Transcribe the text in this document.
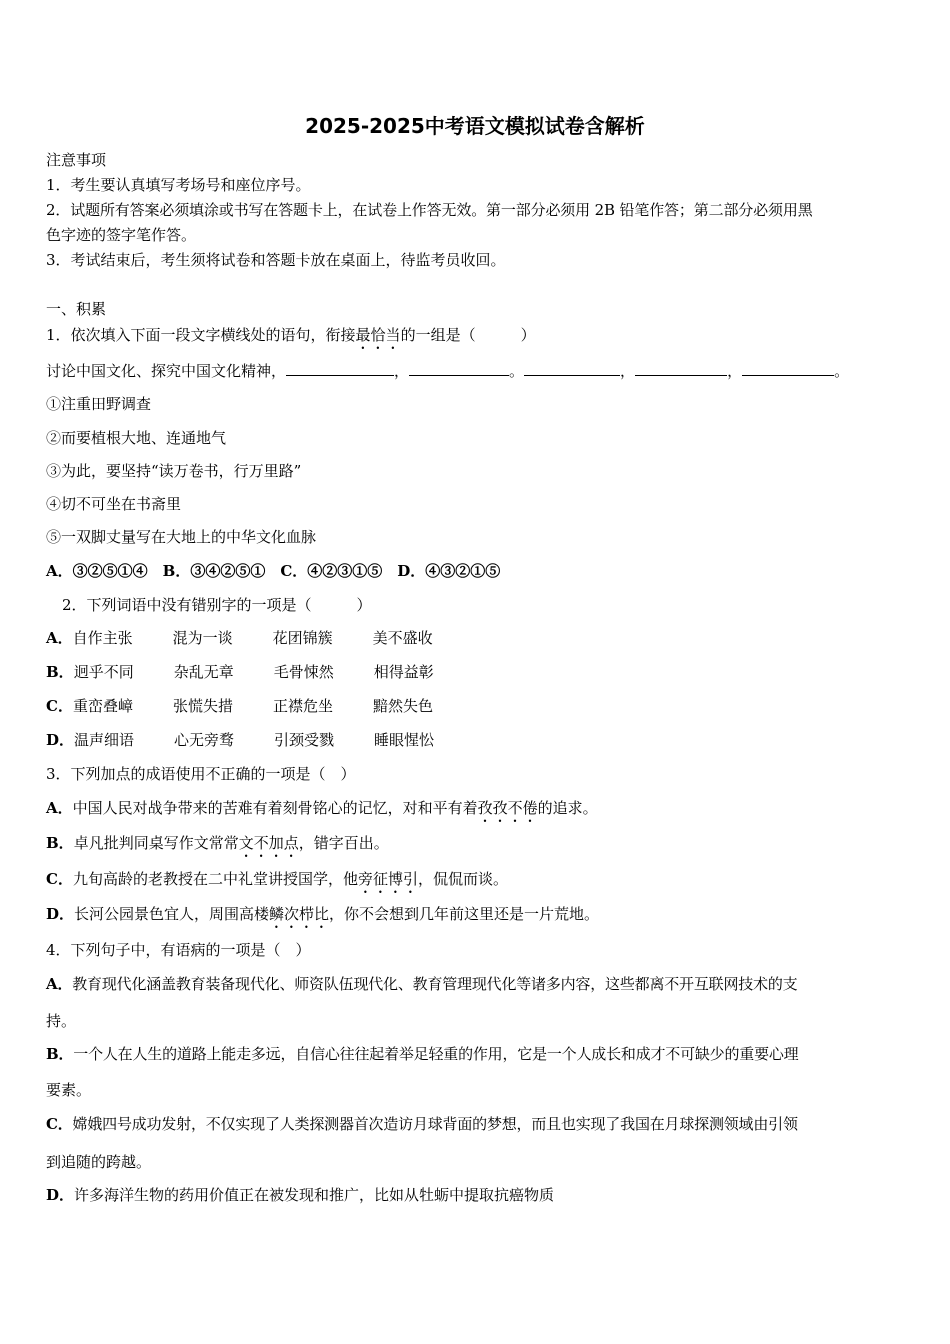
2025-2025中考语文模拟试卷含解析
注意事项
1．考生要认真填写考场号和座位序号。
2．试题所有答案必须填涂或书写在答题卡上，在试卷上作答无效。第一部分必须用 2B 铅笔作答；第二部分必须用黑
色字迹的签字笔作答。
3．考试结束后，考生须将试卷和答题卡放在桌面上，待监考员收回。
一、积累
1．依次填入下面一段文字横线处的语句，衔接最恰当的一组是（　　　）
讨论中国文化、探究中国文化精神，	，	。	，	，	。
①注重田野调查
②而要植根大地、连通地气
③为此，要坚持“读万卷书，行万里路”
④切不可坐在书斋里
⑤一双脚丈量写在大地上的中华文化血脉
A．③②⑤①④　B．③④②⑤①　C．④②③①⑤　D．④③②①⑤
2．下列词语中没有错别字的一项是（　　　）
A．自作主张	混为一谈	花团锦簇	美不盛收
B．迥乎不同	杂乱无章	毛骨悚然	相得益彰
C．重峦叠嶂	张慌失措	正襟危坐	黯然失色
D．温声细语	心无旁骛	引颈受戮	睡眼惺忪
3．下列加点的成语使用不正确的一项是（　）
A．中国人民对战争带来的苦难有着刻骨铭心的记忆，对和平有着孜孜不倦的追求。
B．卓凡批判同桌写作文常常文不加点，错字百出。
C．九旬高龄的老教授在二中礼堂讲授国学，他旁征博引，侃侃而谈。
D．长河公园景色宜人，周围高楼鳞次栉比，你不会想到几年前这里还是一片荒地。
4．下列句子中，有语病的一项是（　）
A．教育现代化涵盖教育装备现代化、师资队伍现代化、教育管理现代化等诸多内容，这些都离不开互联网技术的支
持。
B．一个人在人生的道路上能走多远，自信心往往起着举足轻重的作用，它是一个人成长和成才不可缺少的重要心理
要素。
C．嫦娥四号成功发射，不仅实现了人类探测器首次造访月球背面的梦想，而且也实现了我国在月球探测领域由引领
到追随的跨越。
D．许多海洋生物的药用价值正在被发现和推广，比如从牡蛎中提取抗癌物质
